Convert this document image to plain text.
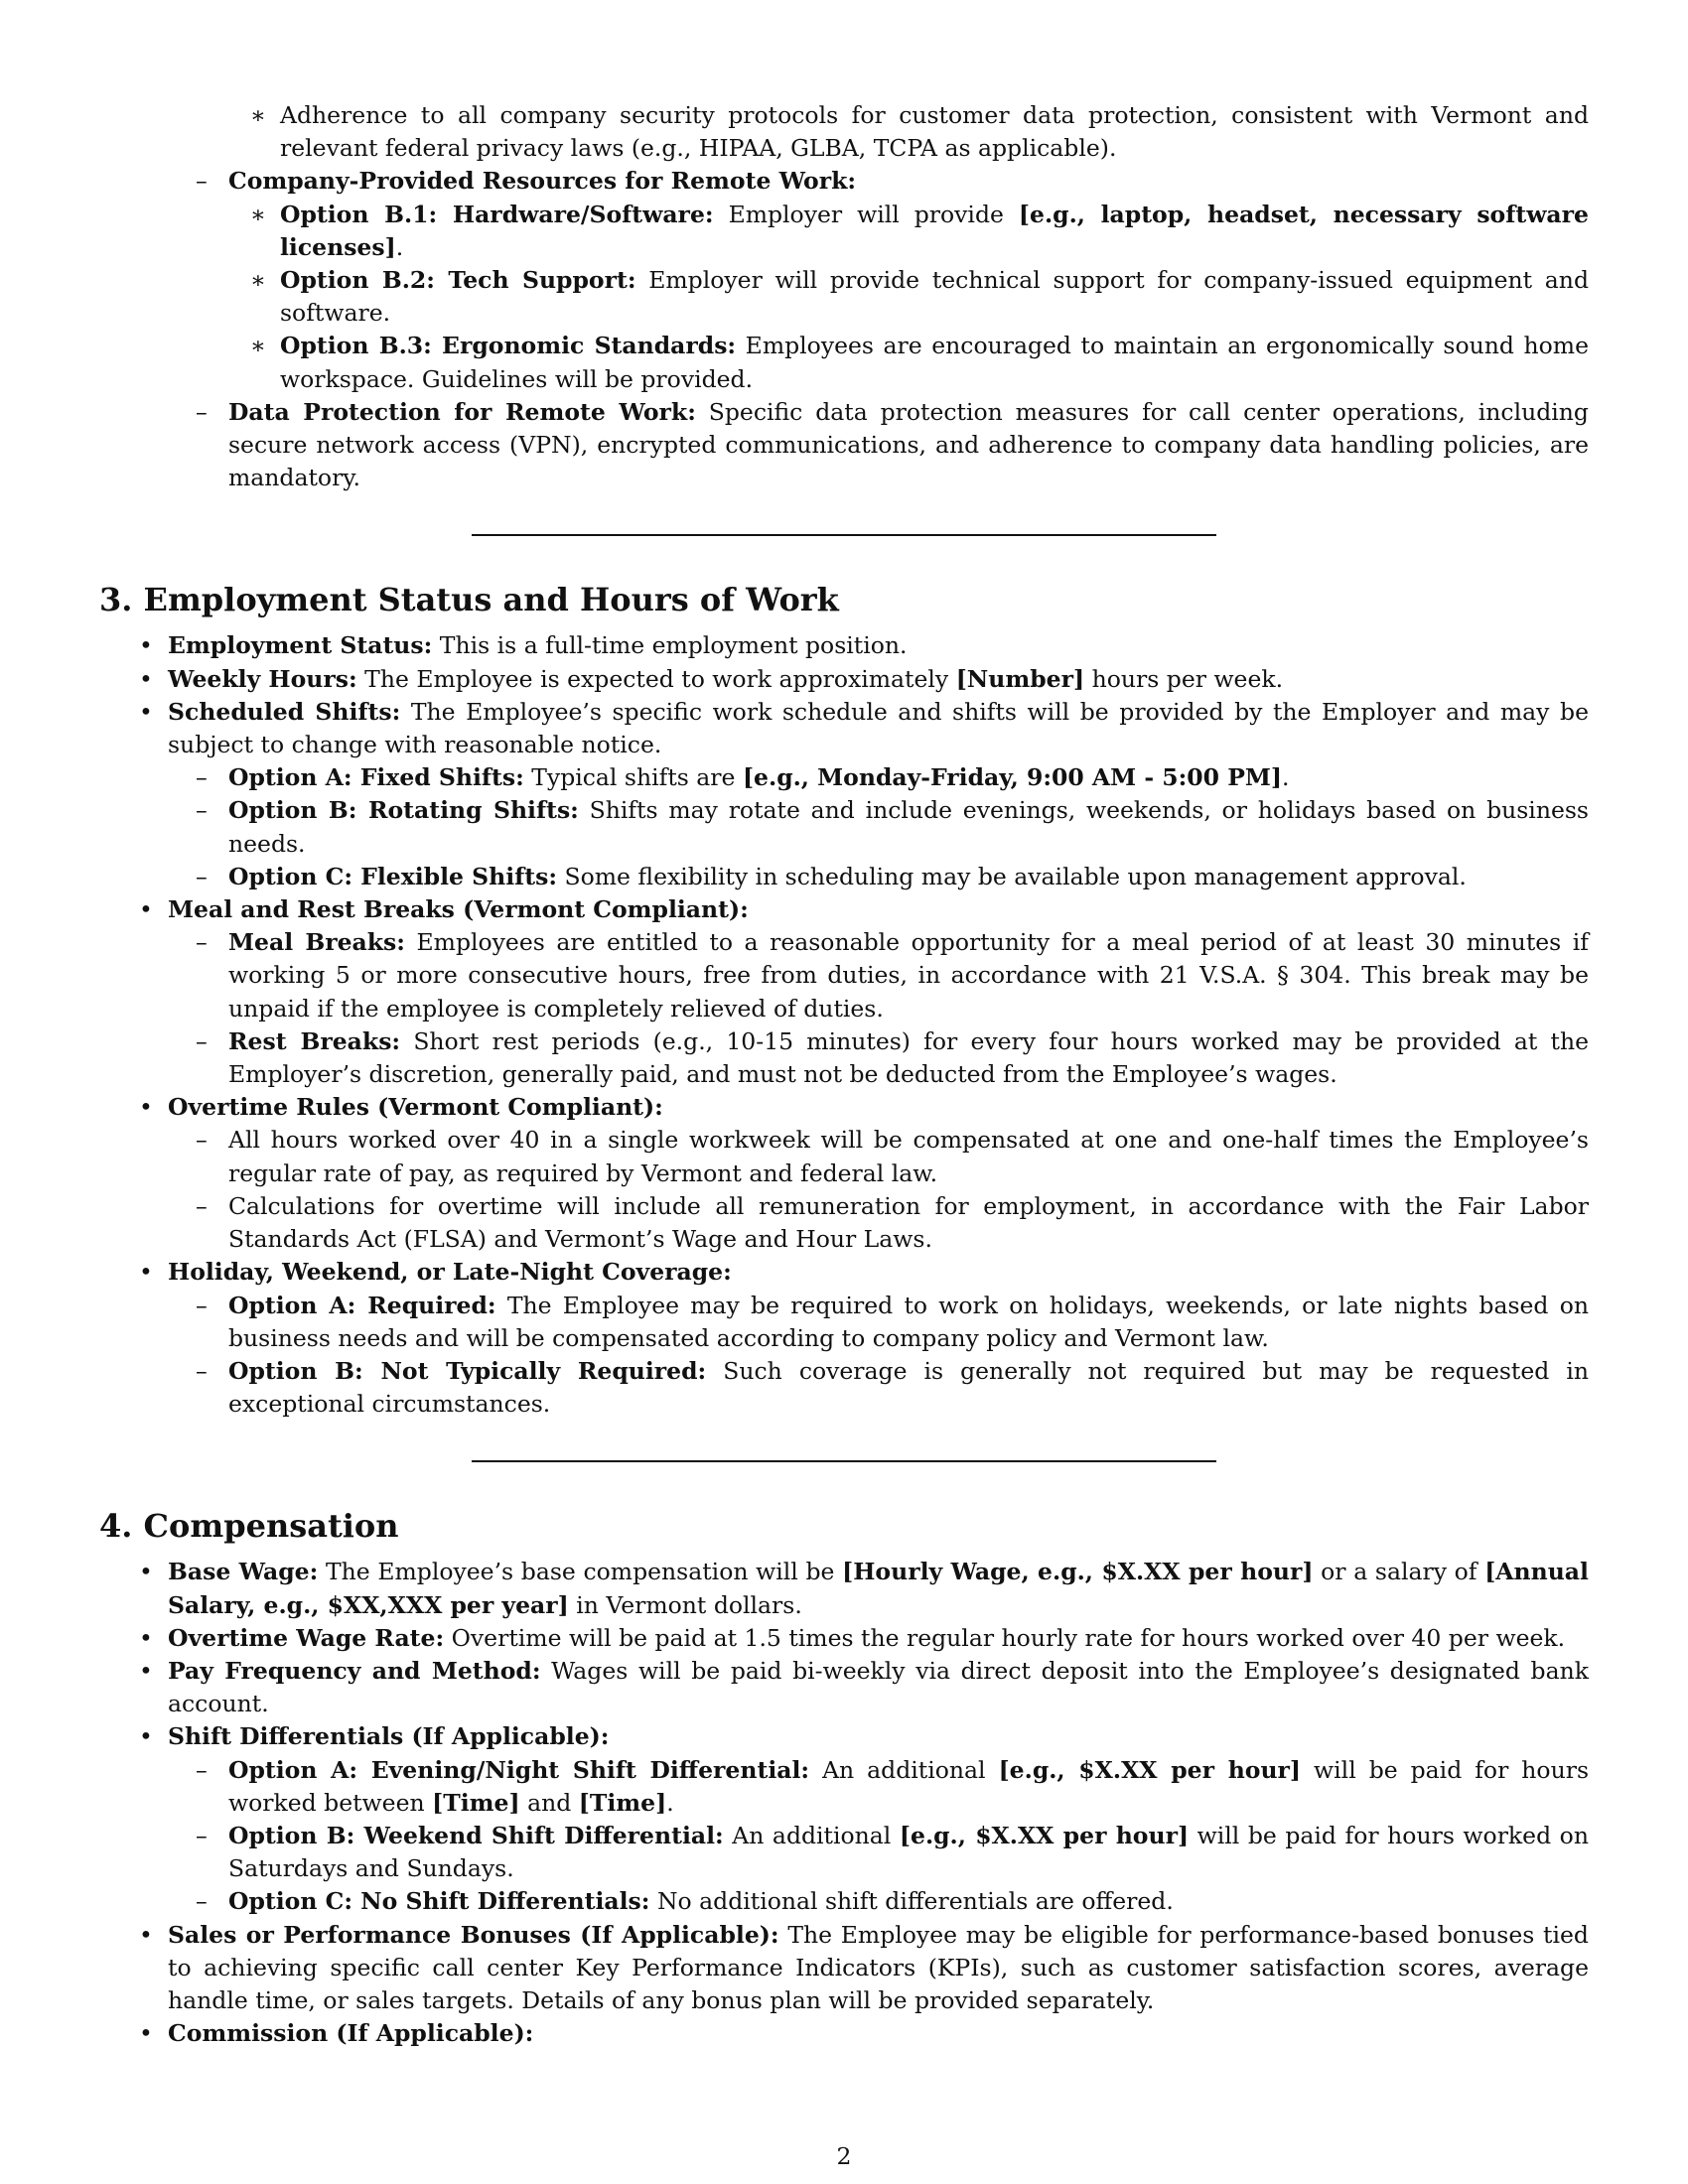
∗ Adherence to all company security protocols for customer data protection, consistent with Vermont and relevant federal privacy laws (e.g., HIPAA, GLBA, TCPA as applicable).
– Company-Provided Resources for Remote Work:
∗ Option B.1: Hardware/Software: Employer will provide [e.g., laptop, headset, necessary software licenses].
∗ Option B.2: Tech Support: Employer will provide technical support for company-issued equipment and software.
∗ Option B.3: Ergonomic Standards: Employees are encouraged to maintain an ergonomically sound home workspace. Guidelines will be provided.
– Data Protection for Remote Work: Specific data protection measures for call center operations, including secure network access (VPN), encrypted communications, and adherence to company data handling policies, are mandatory.
3. Employment Status and Hours of Work
• Employment Status: This is a full-time employment position.
• Weekly Hours: The Employee is expected to work approximately [Number] hours per week.
• Scheduled Shifts: The Employee’s specific work schedule and shifts will be provided by the Employer and may be subject to change with reasonable notice.
– Option A: Fixed Shifts: Typical shifts are [e.g., Monday-Friday, 9:00 AM - 5:00 PM].
– Option B: Rotating Shifts: Shifts may rotate and include evenings, weekends, or holidays based on business needs.
– Option C: Flexible Shifts: Some flexibility in scheduling may be available upon management approval.
• Meal and Rest Breaks (Vermont Compliant):
– Meal Breaks: Employees are entitled to a reasonable opportunity for a meal period of at least 30 minutes if working 5 or more consecutive hours, free from duties, in accordance with 21 V.S.A. § 304. This break may be unpaid if the employee is completely relieved of duties.
– Rest Breaks: Short rest periods (e.g., 10-15 minutes) for every four hours worked may be provided at the Employer’s discretion, generally paid, and must not be deducted from the Employee’s wages.
• Overtime Rules (Vermont Compliant):
– All hours worked over 40 in a single workweek will be compensated at one and one-half times the Employee’s regular rate of pay, as required by Vermont and federal law.
– Calculations for overtime will include all remuneration for employment, in accordance with the Fair Labor Standards Act (FLSA) and Vermont’s Wage and Hour Laws.
• Holiday, Weekend, or Late-Night Coverage:
– Option A: Required: The Employee may be required to work on holidays, weekends, or late nights based on business needs and will be compensated according to company policy and Vermont law.
– Option B: Not Typically Required: Such coverage is generally not required but may be requested in exceptional circumstances.
4. Compensation
• Base Wage: The Employee’s base compensation will be [Hourly Wage, e.g., $X.XX per hour] or a salary of [Annual Salary, e.g., $XX,XXX per year] in Vermont dollars.
• Overtime Wage Rate: Overtime will be paid at 1.5 times the regular hourly rate for hours worked over 40 per week.
• Pay Frequency and Method: Wages will be paid bi-weekly via direct deposit into the Employee’s designated bank account.
• Shift Differentials (If Applicable):
– Option A: Evening/Night Shift Differential: An additional [e.g., $X.XX per hour] will be paid for hours worked between [Time] and [Time].
– Option B: Weekend Shift Differential: An additional [e.g., $X.XX per hour] will be paid for hours worked on Saturdays and Sundays.
– Option C: No Shift Differentials: No additional shift differentials are offered.
• Sales or Performance Bonuses (If Applicable): The Employee may be eligible for performance-based bonuses tied to achieving specific call center Key Performance Indicators (KPIs), such as customer satisfaction scores, average handle time, or sales targets. Details of any bonus plan will be provided separately.
• Commission (If Applicable):
2
